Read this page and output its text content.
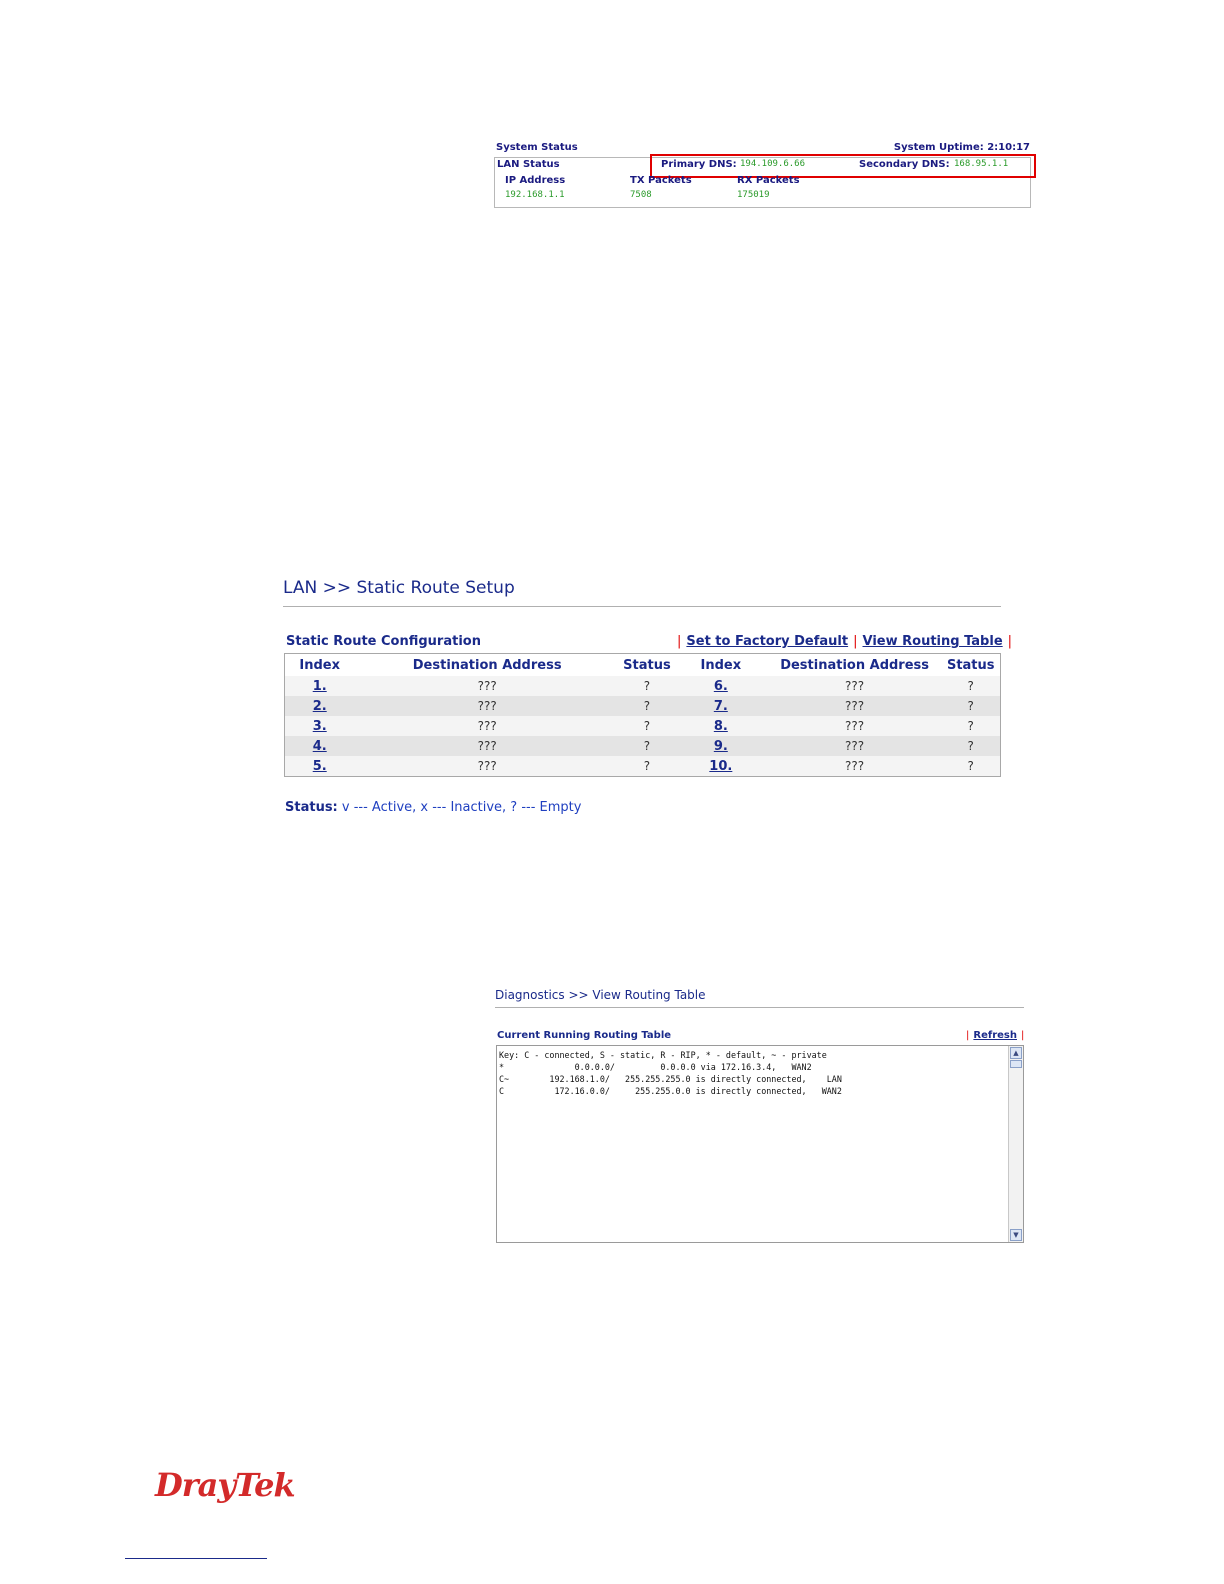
System Status	System Uptime: 2:10:17
LAN Status	Primary DNS: 194.109.6.66	Secondary DNS: 168.95.1.1
IP Address	TX Packets	RX Packets
192.168.1.1	7508	175019
LAN >> Static Route Setup
Static Route Configuration	| Set to Factory Default | View Routing Table |
Index	Destination Address	Status	Index	Destination Address	Status
1.	???	?	6.	???	?
2.	???	?	7.	???	?
3.	???	?	8.	???	?
4.	???	?	9.	???	?
5.	???	?	10.	???	?
Status: v --- Active, x --- Inactive, ? --- Empty
Diagnostics >> View Routing Table
Current Running Routing Table	| Refresh |
Key: C - connected, S - static, R - RIP, * - default, ~ - private
*              0.0.0.0/         0.0.0.0 via 172.16.3.4,   WAN2
C~        192.168.1.0/   255.255.255.0 is directly connected,    LAN
C          172.16.0.0/     255.255.0.0 is directly connected,   WAN2
▲
▼
DrayTek
